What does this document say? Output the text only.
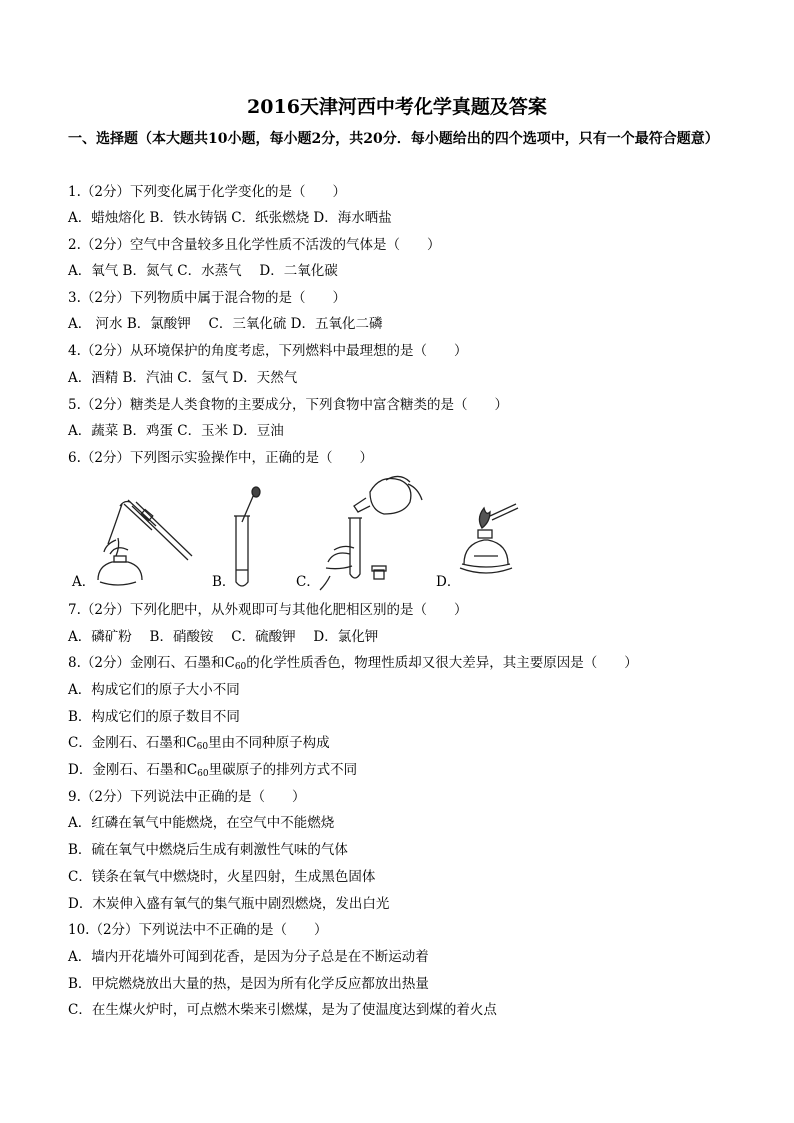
2016天津河西中考化学真题及答案
一、选择题（本大题共10小题，每小题2分，共20分．每小题给出的四个选项中，只有一个最符合题意）
1.（2分）下列变化属于化学变化的是（　　）
A．蜡烛熔化 B．铁水铸锅 C．纸张燃烧 D．海水晒盐
2.（2分）空气中含量较多且化学性质不活泼的气体是（　　）
A．氧气 B．氮气 C．水蒸气　 D．二氧化碳
3.（2分）下列物质中属于混合物的是（　　）
A． 河水 B．氯酸钾　 C．三氧化硫 D．五氧化二磷
4.（2分）从环境保护的角度考虑，下列燃料中最理想的是（　　）
A．酒精 B．汽油 C．氢气 D．天然气
5.（2分）糖类是人类食物的主要成分，下列食物中富含糖类的是（　　）
A．蔬菜 B．鸡蛋 C．玉米 D．豆油
6.（2分）下列图示实验操作中，正确的是（　　）
A．	B．	C．	D．
7.（2分）下列化肥中，从外观即可与其他化肥相区别的是（　　）
A．磷矿粉　 B．硝酸铵　 C．硫酸钾　 D．氯化钾
8.（2分）金刚石、石墨和$C_{60}$的化学性质香色，物理性质却又很大差异，其主要原因是（　　）
A．构成它们的原子大小不同
B．构成它们的原子数目不同
C．金刚石、石墨和$C_{60}$里由不同种原子构成
D．金刚石、石墨和$C_{60}$里碳原子的排列方式不同
9.（2分）下列说法中正确的是（　　）
A．红磷在氧气中能燃烧，在空气中不能燃烧
B．硫在氧气中燃烧后生成有刺激性气味的气体
C．镁条在氧气中燃烧时，火星四射，生成黑色固体
D．木炭伸入盛有氧气的集气瓶中剧烈燃烧，发出白光
10.（2分）下列说法中不正确的是（　　）
A．墙内开花墙外可闻到花香，是因为分子总是在不断运动着
B．甲烷燃烧放出大量的热，是因为所有化学反应都放出热量
C．在生煤火炉时，可点燃木柴来引燃煤，是为了使温度达到煤的着火点
